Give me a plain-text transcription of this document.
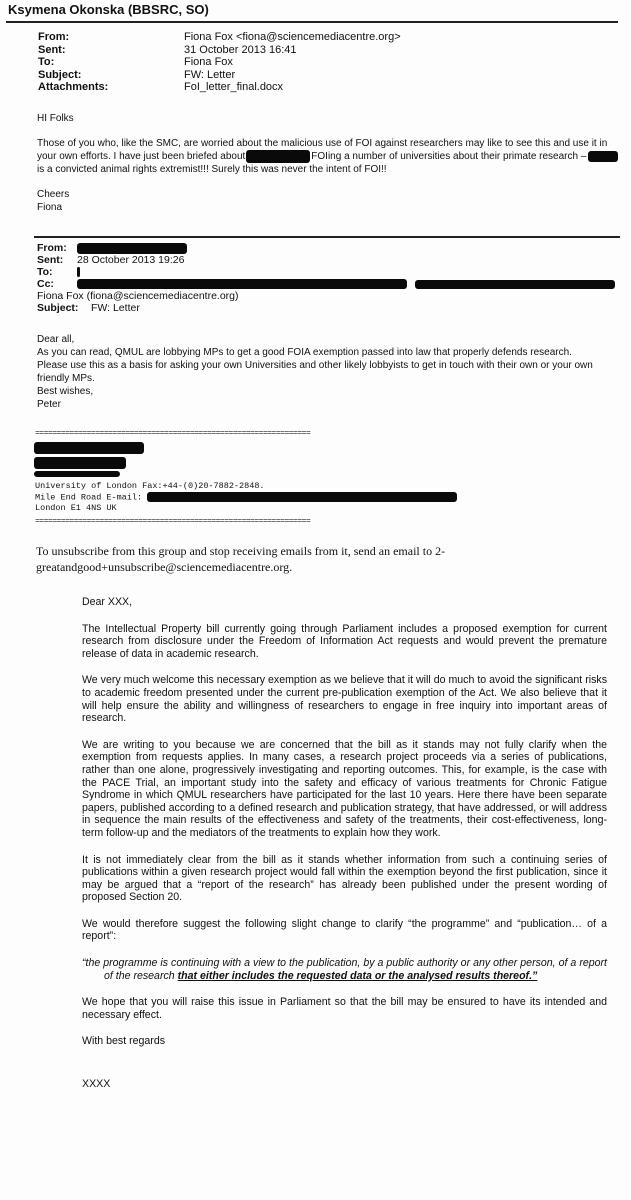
Ksymena Okonska (BBSRC, SO)
From:	Fiona Fox <fiona@sciencemediacentre.org>
Sent:	31 October 2013 16:41
To:	Fiona Fox
Subject:	FW: Letter
Attachments:	FoI_letter_final.docx

HI Folks

Those of you who, like the SMC, are worried about the malicious use of FOI against researchers may like to see this and use it in your own efforts. I have just been briefed about	FOIing a number of universities about their primate research –is a convicted animal rights extremist!!! Surely this was never the intent of FOI!!

Cheers

Fiona

From:
Sent:	28 October 2013 19:26
To:
Cc:
Fiona Fox (fiona@sciencemediacentre.org)
Subject:	FW: Letter

Dear all,

As you can read, QMUL are lobbying MPs to get a good FOIA exemption passed into law that properly defends research. Please use this as a basis for asking your own Universities and other likely lobbyists to get in touch with their own or your own friendly MPs.

Best wishes,

Peter

================================================================
University of London Fax:+44-(0)20-7882-2848.
Mile End Road E-mail:
London E1 4NS UK
================================================================
To unsubscribe from this group and stop receiving emails from it, send an email to 2-greatandgood+unsubscribe@sciencemediacentre.org.

Dear XXX,

The Intellectual Property bill currently going through Parliament includes a proposed exemption for current research from disclosure under the Freedom of Information Act requests and would prevent the premature release of data in academic research.

We very much welcome this necessary exemption as we believe that it will do much to avoid the significant risks to academic freedom presented under the current pre-publication exemption of the Act. We also believe that it will help ensure the ability and willingness of researchers to engage in free inquiry into important areas of research.

We are writing to you because we are concerned that the bill as it stands may not fully clarify when the exemption from requests applies. In many cases, a research project proceeds via a series of publications, rather than one alone, progressively investigating and reporting outcomes. This, for example, is the case with the PACE Trial, an important study into the safety and efficacy of various treatments for Chronic Fatigue Syndrome in which QMUL researchers have participated for the last 10 years. Here there have been separate papers, published according to a defined research and publication strategy, that have addressed, or will address in sequence the main results of the effectiveness and safety of the treatments, their cost-effectiveness, long-term follow-up and the mediators of the treatments to explain how they work.

It is not immediately clear from the bill as it stands whether information from such a continuing series of publications within a given research project would fall within the exemption beyond the first publication, since it may be argued that a “report of the research” has already been published under the present wording of proposed Section 20.

We would therefore suggest the following slight change to clarify “the programme” and “publication… of a report”:

“the programme is continuing with a view to the publication, by a public authority or any other person, of a report of the research that either includes the requested data or the analysed results thereof.”

We hope that you will raise this issue in Parliament so that the bill may be ensured to have its intended and necessary effect.

With best regards

XXXX
